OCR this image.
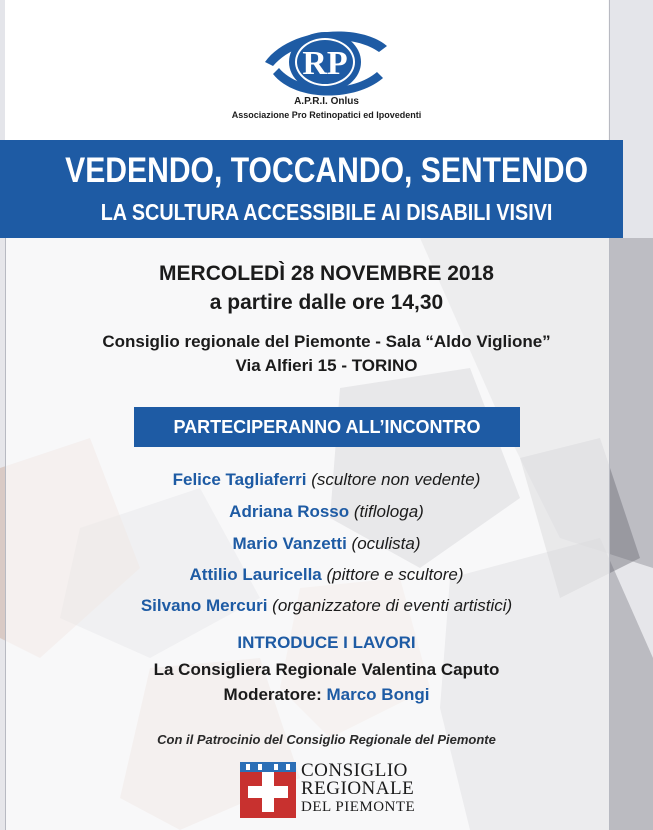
RP
A.P.R.I. Onlus
Associazione Pro Retinopatici ed Ipovedenti
VEDENDO, TOCCANDO, SENTENDO
LA SCULTURA ACCESSIBILE AI DISABILI VISIVI
MERCOLEDÌ 28 NOVEMBRE 2018
a partire dalle ore 14,30
Consiglio regionale del Piemonte - Sala “Aldo Viglione”
Via Alfieri 15 - TORINO
PARTECIPERANNO ALL’INCONTRO
Felice Tagliaferri (scultore non vedente)
Adriana Rosso (tiflologa)
Mario Vanzetti (oculista)
Attilio Lauricella (pittore e scultore)
Silvano Mercuri (organizzatore di eventi artistici)
INTRODUCE I LAVORI
La Consigliera Regionale Valentina Caputo
Moderatore: Marco Bongi
Con il Patrocinio del Consiglio Regionale del Piemonte
CONSIGLIO
REGIONALE
DEL PIEMONTE
